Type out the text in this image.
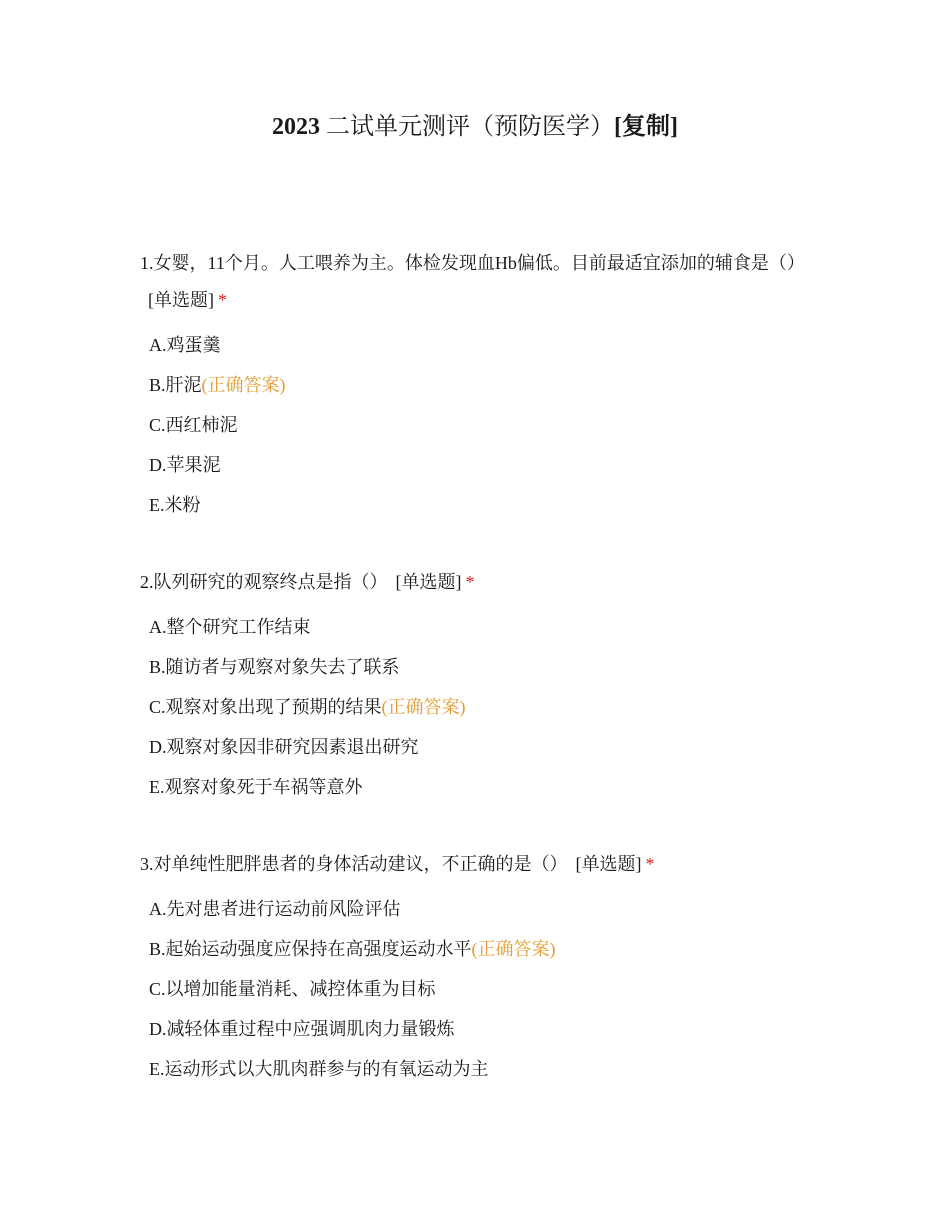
2023 二试单元测评（预防医学）[复制]

1.女婴，11个月。人工喂养为主。体检发现血Hb偏低。目前最适宜添加的辅食是（）[单选题] *

A.鸡蛋羹
B.肝泥(正确答案)
C.西红柿泥
D.苹果泥
E.米粉

2.队列研究的观察终点是指（） [单选题] *

A.整个研究工作结束
B.随访者与观察对象失去了联系
C.观察对象出现了预期的结果(正确答案)
D.观察对象因非研究因素退出研究
E.观察对象死于车祸等意外

3.对单纯性肥胖患者的身体活动建议，不正确的是（） [单选题] *

A.先对患者进行运动前风险评估
B.起始运动强度应保持在高强度运动水平(正确答案)
C.以增加能量消耗、减控体重为目标
D.减轻体重过程中应强调肌肉力量锻炼
E.运动形式以大肌肉群参与的有氧运动为主
